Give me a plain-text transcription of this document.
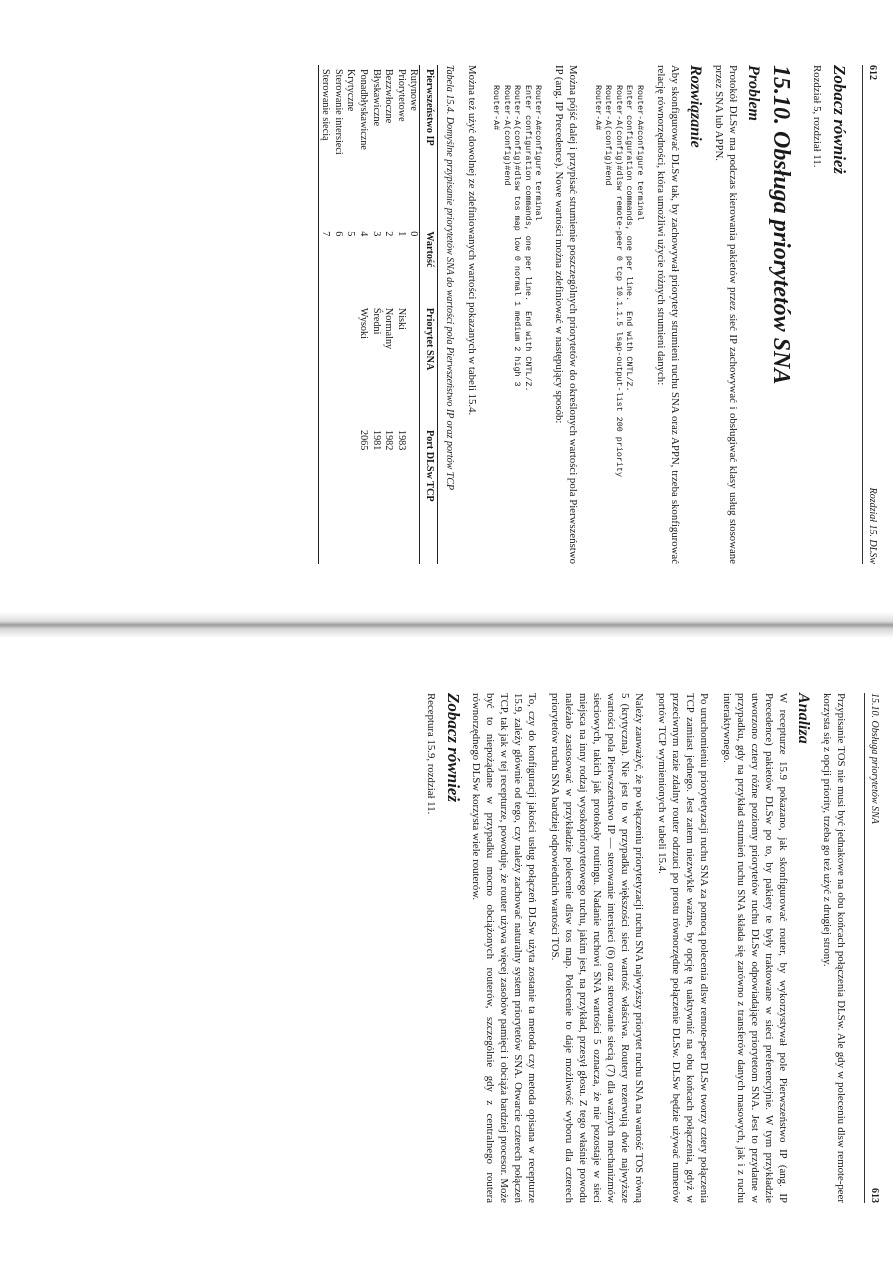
612
Rozdział 15. DLSw
Zobacz również

Rozdział 5, rozdział 11.

15.10. Obsługa priorytetów SNA
Problem

Protokół DLSw ma podczas kierowania pakietów przez sieć IP zachowywać i obsługiwać klasy usług stosowane przez SNA lub APPN.

Rozwiązanie

Aby skonfigurować DLSw tak, by zachowywał priorytety strumieni ruchu SNA oraz APPN, trzeba skonfigurować relację równorzędności, która umożliwi użycie różnych strumieni danych:

Router-A#configure terminal
Enter configuration commands, one per line.  End with CNTL/Z.
Router-A(config)#dlsw remote-peer 0 tcp 10.1.1.5 lsap-output-list 200 priority
Router-A(config)#end
Router-A#

Można pójść dalej i przypisać strumienie poszczególnych priorytetów do określonych wartości pola Pierwszeństwo IP (ang. IP Precedence). Nowe wartości można zdefiniować w następujący sposób:

Router-A#configure terminal
Enter configuration commands, one per line.  End with CNTL/Z.
Router-A(config)#dlsw tos map low 0 normal 1 medium 2 high 3
Router-A(config)#end
Router-A#

Można też użyć dowolnej ze zdefiniowanych wartości pokazanych w tabeli 15.4.

Tabela 15.4. Domyślne przypisanie priorytetów SNA do wartości pola Pierwszeństwo IP oraz portów TCP
Pierwszeństwo IP	Wartość	Priorytet SNA	Port DLSw TCP
Rutynowe	0		
Priorytetowe	1	Niski	1983
Bezzwłoczne	2	Normalny	1982
Błyskawiczne	3	Średni	1981
Ponadbłyskawiczne	4	Wysoki	2065
Krytyczne	5		
Sterowanie intersieci	6		
Sterowanie siecią	7		
15.10. Obsługa priorytetów SNA
613

Przypisanie TOS nie musi być jednakowe na obu końcach połączenia DLSw. Ale gdy w poleceniu dlsw remote-peer korzysta się z opcji priority, trzeba go też użyć z drugiej strony.

Analiza

W recepturze 15.9 pokazano, jak skonfigurować router, by wykorzystywał pole Pierwszeństwo IP (ang. IP Precedence) pakietów DLSw po to, by pakiety te były traktowane w sieci preferencyjnie. W tym przykładzie utworzono cztery różne poziomy priorytetów ruchu DLSw odpowiadające priorytetom SNA. Jest to przydatne w przypadku, gdy na przykład strumień ruchu SNA składa się zarówno z transferów danych masowych, jak i z ruchu interaktywnego.

Po uruchomieniu priorytetyzacji ruchu SNA za pomocą polecenia dlsw remote-peer DLSw tworzy cztery połączenia TCP zamiast jednego. Jest zatem niezwykle ważne, by opcję tę uaktywnić na obu końcach połączenia, gdyż w przeciwnym razie zdalny router odrzuci po prostu równorzędne połączenie DLSw. DLSw będzie używać numerów portów TCP wymienionych w tabeli 15.4.

Należy zauważyć, że po włączeniu priorytetyzacji ruchu SNA najwyższy priorytet ruchu SNA na wartość TOS równą 5 (krytyczna). Nie jest to w przypadku większości sieci wartość właściwa. Routery rezerwują dwie najwyższe wartości pola Pierwszeństwo IP — sterowanie intersieci (6) oraz sterowanie siecią (7) dla ważnych mechanizmów sieciowych, takich jak protokoły routingu. Nadanie ruchowi SNA wartości 5 oznacza, że nie pozostaje w sieci miejsca na inny rodzaj wysokopriorytetowego ruchu, jakim jest, na przykład, przesył głosu. Z tego właśnie powodu należało zastosować w przykładzie polecenie dlsw tos map. Polecenie to daje możliwość wyboru dla czterech priorytetów ruchu SNA bardziej odpowiednich wartości TOS.

To, czy do konfiguracji jakości usług połączeń DLSw użyta zostanie ta metoda czy metoda opisana w recepturze 15.9, zależy głównie od tego, czy należy zachować naturalny system priorytetów SNA. Otwarcie czterech połączeń TCP, tak jak w tej recepturze, powoduje, że router używa więcej zasobów pamięci i obciąża bardziej procesor. Może być to niepożądane w przypadku mocno obciążonych routerów, szczególnie gdy z centralnego routera równorzędnego DLSw korzysta wiele routerów.

Zobacz również

Receptura 15.9, rozdział 11.
